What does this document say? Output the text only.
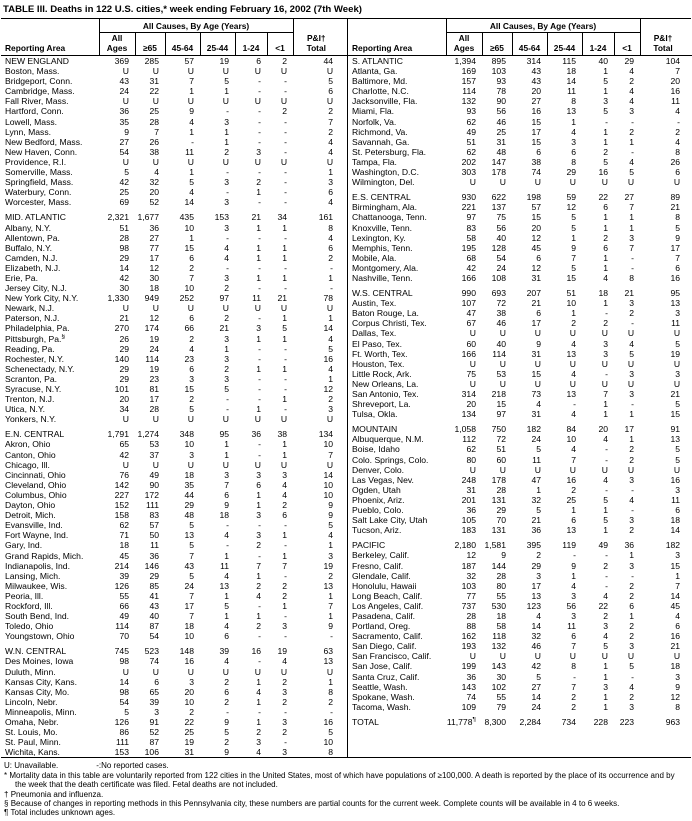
TABLE III. Deaths in 122 U.S. cities,* week ending February 16, 2002 (7th Week)
Reporting Area	All Causes, By Age (Years)						P&I†
Total

	All
Ages	≥65	45-64	25-44	1-24	<1	
NEW ENGLAND	369	285	57	19	6	2	44
Boston, Mass.	U	U	U	U	U	U	U
Bridgeport, Conn.	43	31	7	5	-	-	5
Cambridge, Mass.	24	22	1	1	-	-	6
Fall River, Mass.	U	U	U	U	U	U	U
Hartford, Conn.	36	25	9	-	-	2	2
Lowell, Mass.	35	28	4	3	-	-	7
Lynn, Mass.	9	7	1	1	-	-	2
New Bedford, Mass.	27	26	-	1	-	-	4
New Haven, Conn.	54	38	11	2	3	-	4
Providence, R.I.	U	U	U	U	U	U	U
Somerville, Mass.	5	4	1	-	-	-	1
Springfield, Mass.	42	32	5	3	2	-	3
Waterbury, Conn.	25	20	4	-	1	-	6
Worcester, Mass.	69	52	14	3	-	-	4

MID. ATLANTIC	2,321	1,677	435	153	21	34	161
Albany, N.Y.	51	36	10	3	1	1	8
Allentown, Pa.	28	27	1	-	-	-	4
Buffalo, N.Y.	98	77	15	4	1	1	6
Camden, N.J.	29	17	6	4	1	1	2
Elizabeth, N.J.	14	12	2	-	-	-	-
Erie, Pa.	42	30	7	3	1	1	1
Jersey City, N.J.	30	18	10	2	-	-	-
New York City, N.Y.	1,330	949	252	97	11	21	78
Newark, N.J.	U	U	U	U	U	U	U
Paterson, N.J.	21	12	6	2	-	1	1
Philadelphia, Pa.	270	174	66	21	3	5	14
Pittsburgh, Pa.§	26	19	2	3	1	1	4
Reading, Pa.	29	24	4	1	-	-	5
Rochester, N.Y.	140	114	23	3	-	-	16
Schenectady, N.Y.	29	19	6	2	1	1	4
Scranton, Pa.	29	23	3	3	-	-	1
Syracuse, N.Y.	101	81	15	5	-	-	12
Trenton, N.J.	20	17	2	-	-	1	2
Utica, N.Y.	34	28	5	-	1	-	3
Yonkers, N.Y.	U	U	U	U	U	U	U

E.N. CENTRAL	1,791	1,274	348	95	36	38	134
Akron, Ohio	65	53	10	1	-	1	10
Canton, Ohio	42	37	3	1	-	1	7
Chicago, Ill.	U	U	U	U	U	U	U
Cincinnati, Ohio	76	49	18	3	3	3	14
Cleveland, Ohio	142	90	35	7	6	4	10
Columbus, Ohio	227	172	44	6	1	4	10
Dayton, Ohio	152	111	29	9	1	2	9
Detroit, Mich.	158	83	48	18	3	6	9
Evansville, Ind.	62	57	5	-	-	-	5
Fort Wayne, Ind.	71	50	13	4	3	1	4
Gary, Ind.	18	11	5	-	2	-	1
Grand Rapids, Mich.	45	36	7	1	-	1	3
Indianapolis, Ind.	214	146	43	11	7	7	19
Lansing, Mich.	39	29	5	4	1	-	2
Milwaukee, Wis.	126	85	24	13	2	2	13
Peoria, Ill.	55	41	7	1	4	2	1
Rockford, Ill.	66	43	17	5	-	1	7
South Bend, Ind.	49	40	7	1	1	-	1
Toledo, Ohio	114	87	18	4	2	3	9
Youngstown, Ohio	70	54	10	6	-	-	-

W.N. CENTRAL	745	523	148	39	16	19	63
Des Moines, Iowa	98	74	16	4	-	4	13
Duluth, Minn.	U	U	U	U	U	U	U
Kansas City, Kans.	14	6	3	2	1	2	1
Kansas City, Mo.	98	65	20	6	4	3	8
Lincoln, Nebr.	54	39	10	2	1	2	2
Minneapolis, Minn.	5	3	2	-	-	-	-
Omaha, Nebr.	126	91	22	9	1	3	16
St. Louis, Mo.	86	52	25	5	2	2	5
St. Paul, Minn.	111	87	19	2	3	-	10
Wichita, Kans.	153	106	31	9	4	3	8
Reporting Area	All Causes, By Age (Years)						P&I†
Total

	All
Ages	≥65	45-64	25-44	1-24	<1	
S. ATLANTIC	1,394	895	314	115	40	29	104
Atlanta, Ga.	169	103	43	18	1	4	7
Baltimore, Md.	157	93	43	14	5	2	20
Charlotte, N.C.	114	78	20	11	1	4	16
Jacksonville, Fla.	132	90	27	8	3	4	11
Miami, Fla.	93	56	16	13	5	3	4
Norfolk, Va.	62	46	15	1	-	-	-
Richmond, Va.	49	25	17	4	1	2	2
Savannah, Ga.	51	31	15	3	1	1	4
St. Petersburg, Fla.	62	48	6	6	2	-	8
Tampa, Fla.	202	147	38	8	5	4	26
Washington, D.C.	303	178	74	29	16	5	6
Wilmington, Del.	U	U	U	U	U	U	U

E.S. CENTRAL	930	622	198	59	22	27	89
Birmingham, Ala.	221	137	57	12	6	7	21
Chattanooga, Tenn.	97	75	15	5	1	1	8
Knoxville, Tenn.	83	56	20	5	1	1	5
Lexington, Ky.	58	40	12	1	2	3	9
Memphis, Tenn.	195	128	45	9	6	7	17
Mobile, Ala.	68	54	6	7	1	-	7
Montgomery, Ala.	42	24	12	5	1	-	6
Nashville, Tenn.	166	108	31	15	4	8	16

W.S. CENTRAL	990	693	207	51	18	21	95
Austin, Tex.	107	72	21	10	1	3	13
Baton Rouge, La.	47	38	6	1	-	2	3
Corpus Christi, Tex.	67	46	17	2	2	-	11
Dallas, Tex.	U	U	U	U	U	U	U
El Paso, Tex.	60	40	9	4	3	4	5
Ft. Worth, Tex.	166	114	31	13	3	5	19
Houston, Tex.	U	U	U	U	U	U	U
Little Rock, Ark.	75	53	15	4	-	3	3
New Orleans, La.	U	U	U	U	U	U	U
San Antonio, Tex.	314	218	73	13	7	3	21
Shreveport, La.	20	15	4	-	1	-	5
Tulsa, Okla.	134	97	31	4	1	1	15

MOUNTAIN	1,058	750	182	84	20	17	91
Albuquerque, N.M.	112	72	24	10	4	1	13
Boise, Idaho	62	51	5	4	-	2	5
Colo. Springs, Colo.	80	60	11	7	-	2	5
Denver, Colo.	U	U	U	U	U	U	U
Las Vegas, Nev.	248	178	47	16	4	3	16
Ogden, Utah	31	28	1	2	-	-	3
Phoenix, Ariz.	201	131	32	25	5	4	11
Pueblo, Colo.	36	29	5	1	1	-	6
Salt Lake City, Utah	105	70	21	6	5	3	18
Tucson, Ariz.	183	131	36	13	1	2	14

PACIFIC	2,180	1,581	395	119	49	36	182
Berkeley, Calif.	12	9	2	-	-	1	3
Fresno, Calif.	187	144	29	9	2	3	15
Glendale, Calif.	32	28	3	1	-	-	1
Honolulu, Hawaii	103	80	17	4	-	2	7
Long Beach, Calif.	77	55	13	3	4	2	14
Los Angeles, Calif.	737	530	123	56	22	6	45
Pasadena, Calif.	28	18	4	3	2	1	4
Portland, Oreg.	88	58	14	11	3	2	6
Sacramento, Calif.	162	118	32	6	4	2	16
San Diego, Calif.	193	132	46	7	5	3	21
San Francisco, Calif.	U	U	U	U	U	U	U
San Jose, Calif.	199	143	42	8	1	5	18
Santa Cruz, Calif.	36	30	5	-	1	-	3
Seattle, Wash.	143	102	27	7	3	4	9
Spokane, Wash.	74	55	14	2	1	2	12
Tacoma, Wash.	109	79	24	2	1	3	8

TOTAL	11,778¶	8,300	2,284	734	228	223	963
U: Unavailable.	-:No reported cases.
* Mortality data in this table are voluntarily reported from 122 cities in the United States, most of which have populations of ≥100,000. A death is reported by the place of its occurrence and by the week that the death certificate was filed. Fetal deaths are not included.
† Pneumonia and influenza.
§ Because of changes in reporting methods in this Pennsylvania city, these numbers are partial counts for the current week. Complete counts will be available in 4 to 6 weeks.
¶ Total includes unknown ages.
